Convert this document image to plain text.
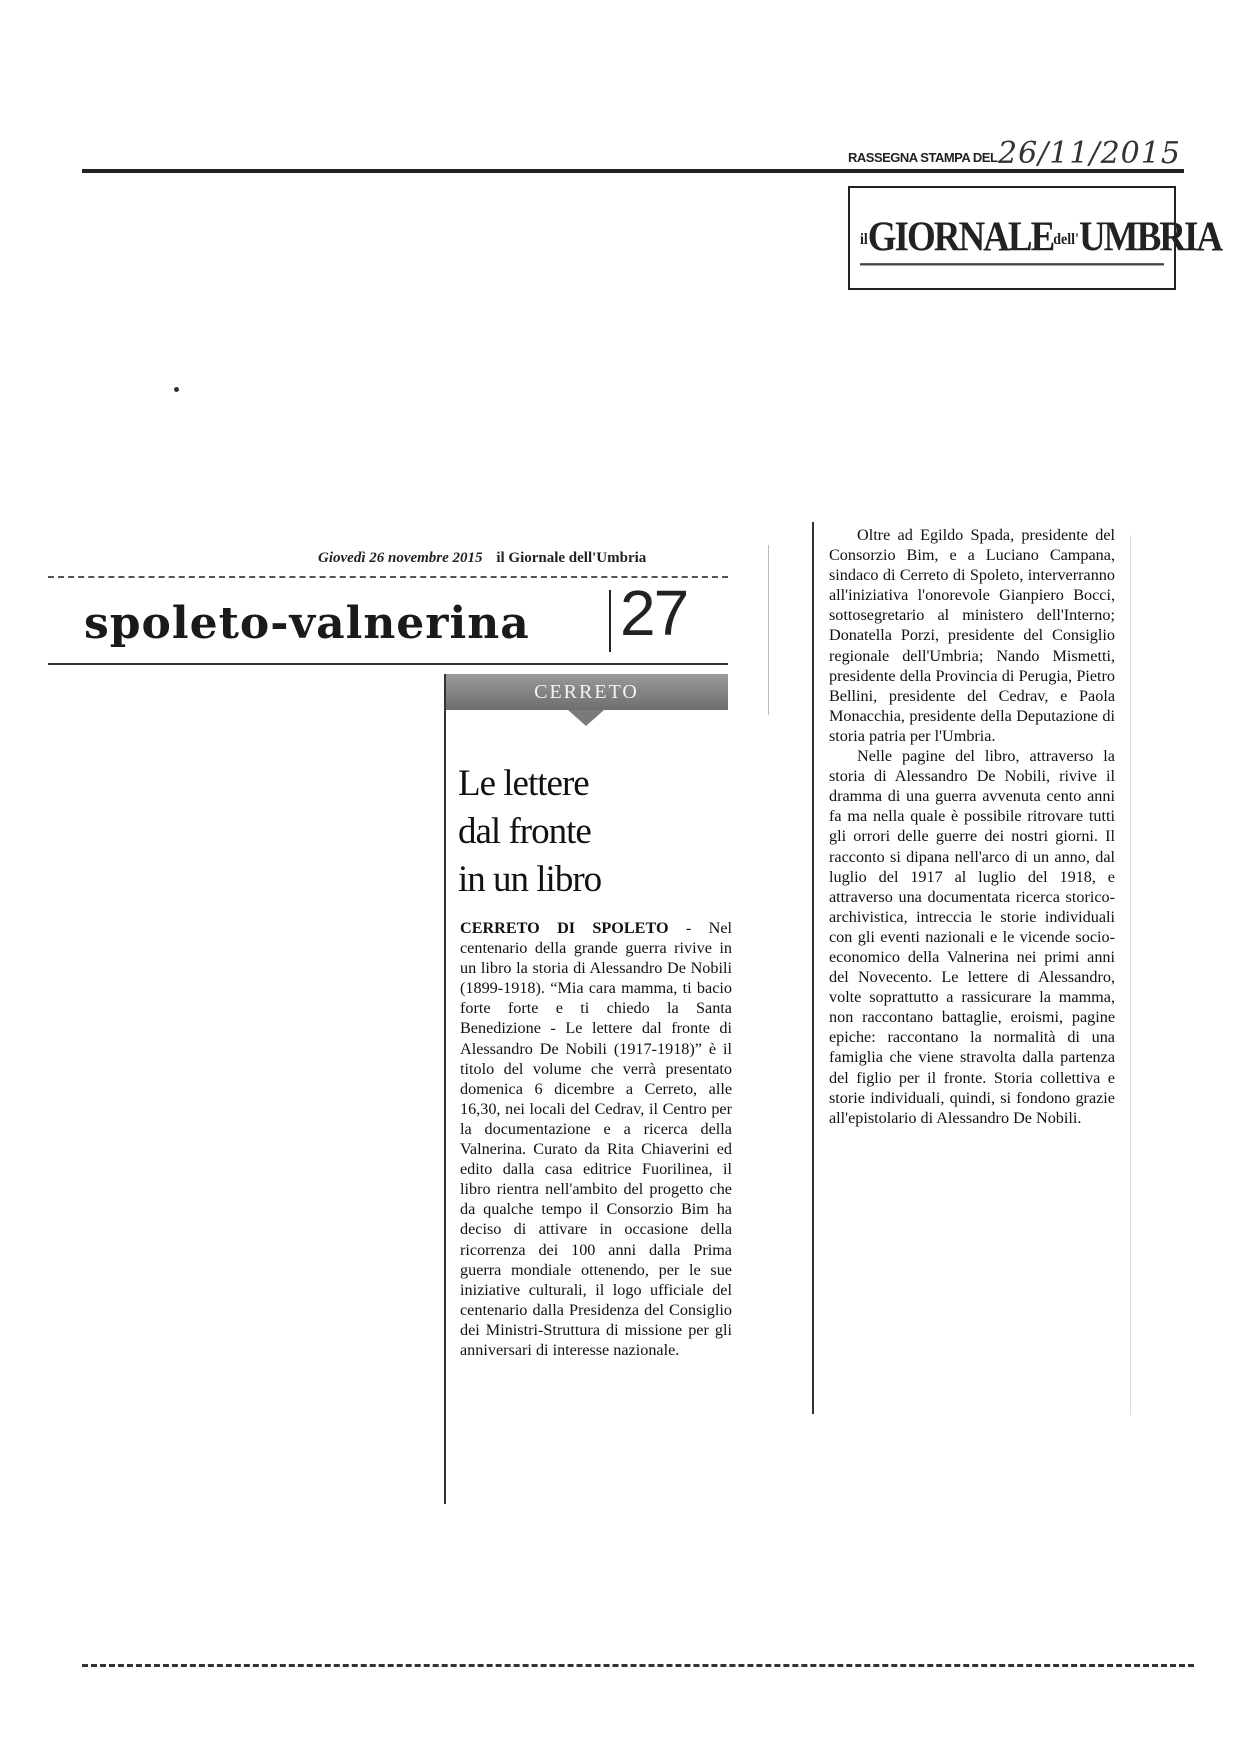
RASSEGNA STAMPA DEL 26/11/2015
ilGIORNALEdell'UMBRIA
Giovedì 26 novembre 2015 il Giornale dell'Umbria
spoleto-valnerina 27
CERRETO
Le lettere
dal fronte
in un libro

CERRETO DI SPOLETO - Nel centenario della grande guerra rivive in un libro la storia di Alessandro De Nobili (1899-1918). “Mia cara mamma, ti bacio forte forte e ti chiedo la Santa Benedizione - Le lettere dal fronte di Alessandro De Nobili (1917-1918)” è il titolo del volume che verrà presentato domenica 6 dicembre a Cerreto, alle 16,30, nei locali del Cedrav, il Centro per la documentazione e a ricerca della Valnerina. Curato da Rita Chiaverini ed edito dalla casa editrice Fuorilinea, il libro rientra nell'ambito del progetto che da qualche tempo il Consorzio Bim ha deciso di attivare in occasione della ricorrenza dei 100 anni dalla Prima guerra mondiale ottenendo, per le sue iniziative culturali, il logo ufficiale del centenario dalla Presidenza del Consiglio dei Ministri-Struttura di missione per gli anniversari di interesse nazionale.

Oltre ad Egildo Spada, presidente del Consorzio Bim, e a Luciano Campana, sindaco di Cerreto di Spoleto, interverranno all'iniziativa l'onorevole Gianpiero Bocci, sottosegretario al ministero dell'Interno; Donatella Porzi, presidente del Consiglio regionale dell'Umbria; Nando Mismetti, presidente della Provincia di Perugia, Pietro Bellini, presidente del Cedrav, e Paola Monacchia, presidente della Deputazione di storia patria per l'Umbria.

Nelle pagine del libro, attraverso la storia di Alessandro De Nobili, rivive il dramma di una guerra avvenuta cento anni fa ma nella quale è possibile ritrovare tutti gli orrori delle guerre dei nostri giorni. Il racconto si dipana nell'arco di un anno, dal luglio del 1917 al luglio del 1918, e attraverso una documentata ricerca storico-archivistica, intreccia le storie individuali con gli eventi nazionali e le vicende socio-economico della Valnerina nei primi anni del Novecento. Le lettere di Alessandro, volte soprattutto a rassicurare la mamma, non raccontano battaglie, eroismi, pagine epiche: raccontano la normalità di una famiglia che viene stravolta dalla partenza del figlio per il fronte. Storia collettiva e storie individuali, quindi, si fondono grazie all'epistolario di Alessandro De Nobili.
